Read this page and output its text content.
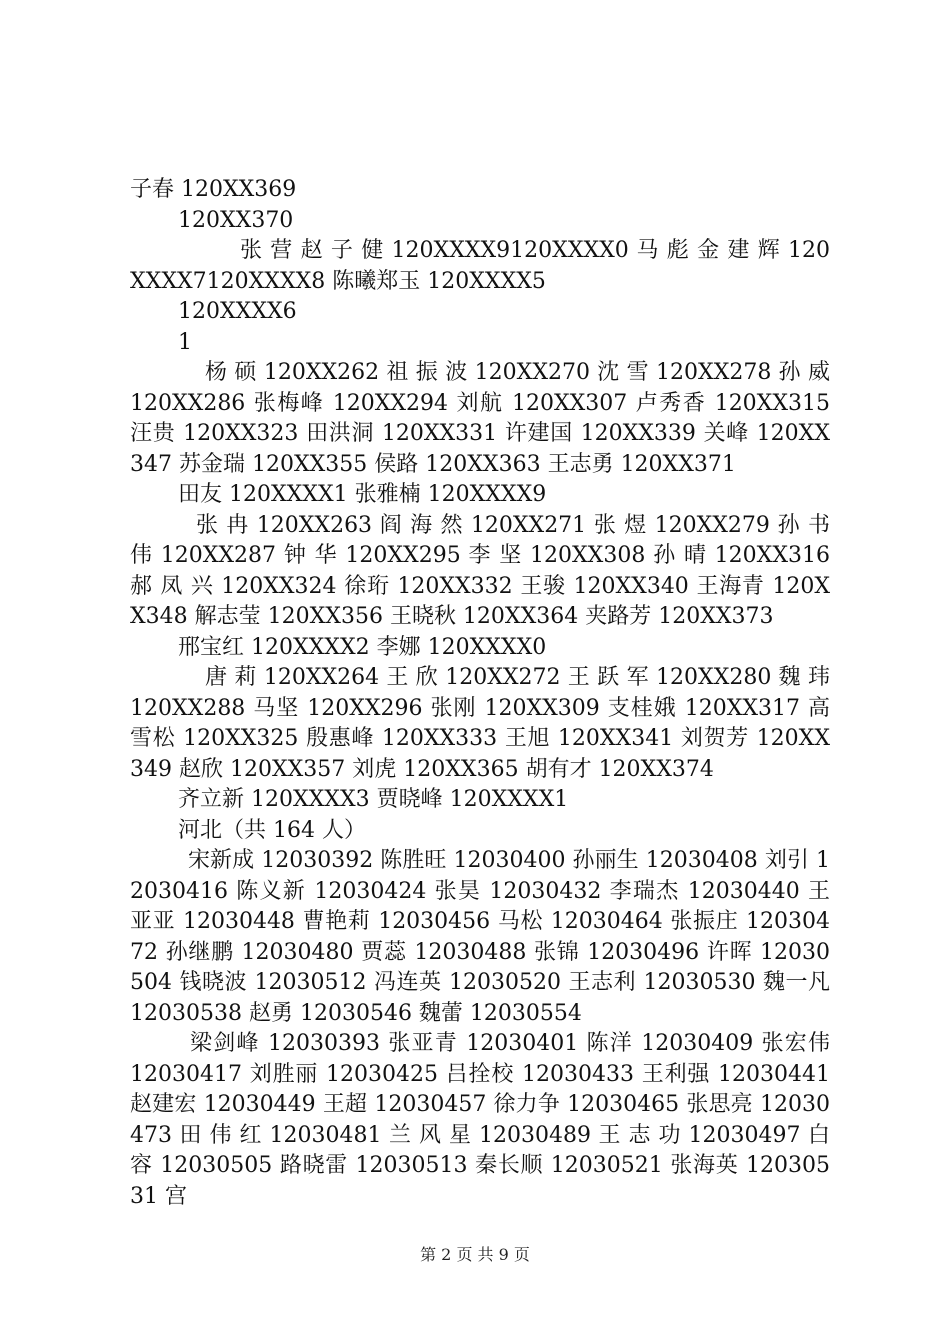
子春 120XX369

120XX370

张 营 赵 子 健 120XXXX9120XXXX0 马 彪 金 建 辉 120XXXX7120XXXX8 陈曦郑玉 120XXXX5

120XXXX6

1

杨 硕 120XX262 祖 振 波 120XX270 沈 雪 120XX278 孙 威 120XX286 张梅峰 120XX294 刘航 120XX307 卢秀香 120XX315 汪贵 120XX323 田洪洞 120XX331 许建国 120XX339 关峰 120XX347 苏金瑞 120XX355 侯路 120XX363 王志勇 120XX371

田友 120XXXX1 张雅楠 120XXXX9

张 冉 120XX263 阎 海 然 120XX271 张 煜 120XX279 孙 书 伟 120XX287 钟 华 120XX295 李 坚 120XX308 孙 晴 120XX316 郝 凤 兴 120XX324 徐珩 120XX332 王骏 120XX340 王海青 120XX348 解志莹 120XX356 王晓秋 120XX364 夹路芳 120XX373

邢宝红 120XXXX2 李娜 120XXXX0

唐 莉 120XX264 王 欣 120XX272 王 跃 军 120XX280 魏 玮 120XX288 马坚 120XX296 张刚 120XX309 支桂娥 120XX317 高雪松 120XX325 殷惠峰 120XX333 王旭 120XX341 刘贺芳 120XX349 赵欣 120XX357 刘虎 120XX365 胡有才 120XX374

齐立新 120XXXX3 贾晓峰 120XXXX1

河北（共 164 人）

宋新成 12030392 陈胜旺 12030400 孙丽生 12030408 刘引 12030416 陈义新 12030424 张昊 12030432 李瑞杰 12030440 王亚亚 12030448 曹艳莉 12030456 马松 12030464 张振庄 12030472 孙继鹏 12030480 贾蕊 12030488 张锦 12030496 许晖 12030504 钱晓波 12030512 冯连英 12030520 王志利 12030530 魏一凡 12030538 赵勇 12030546 魏蕾 12030554

梁剑峰 12030393 张亚青 12030401 陈洋 12030409 张宏伟 12030417 刘胜丽 12030425 吕拴校 12030433 王利强 12030441 赵建宏 12030449 王超 12030457 徐力争 12030465 张思亮 12030473 田 伟 红 12030481 兰 风 星 12030489 王 志 功 12030497 白 容 12030505 路晓雷 12030513 秦长顺 12030521 张海英 12030531 宫

第 2 页 共 9 页
